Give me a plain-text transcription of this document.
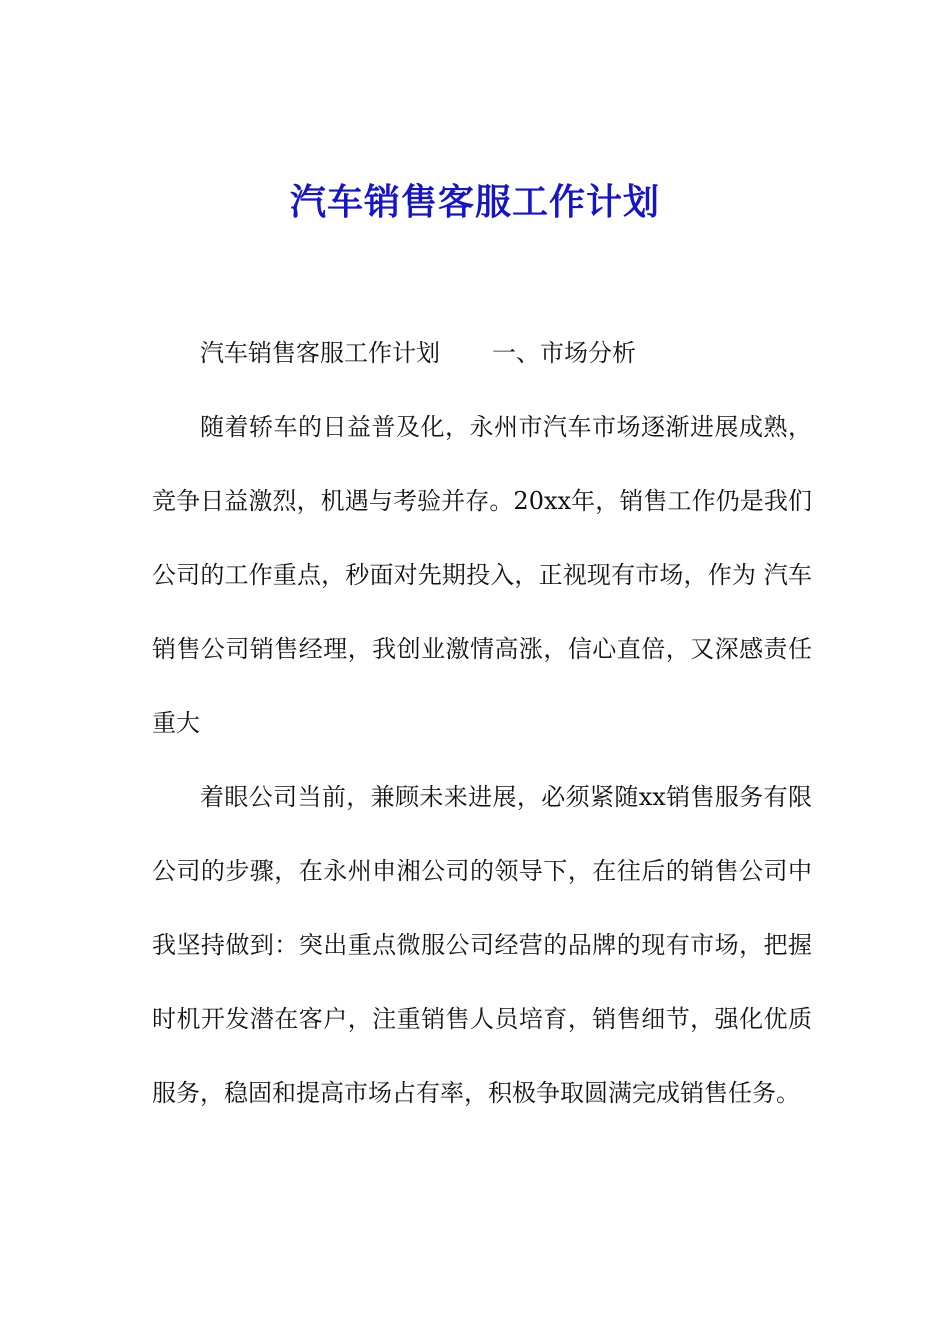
汽车销售客服工作计划

汽车销售客服工作计划 一、市场分析

随着轿车的日益普及化，永州市汽车市场逐渐进展成熟，竞争日益激烈，机遇与考验并存。20xx年，销售工作仍是我们公司的工作重点，秒面对先期投入，正视现有市场，作为 汽车销售公司销售经理，我创业激情高涨，信心直倍，又深感责任重大

着眼公司当前，兼顾未来进展，必须紧随xx销售服务有限公司的步骤，在永州申湘公司的领导下，在往后的销售公司中我坚持做到：突出重点微服公司经营的品牌的现有市场，把握时机开发潜在客户，注重销售人员培育，销售细节，强化优质服务，稳固和提高市场占有率，积极争取圆满完成销售任务。
